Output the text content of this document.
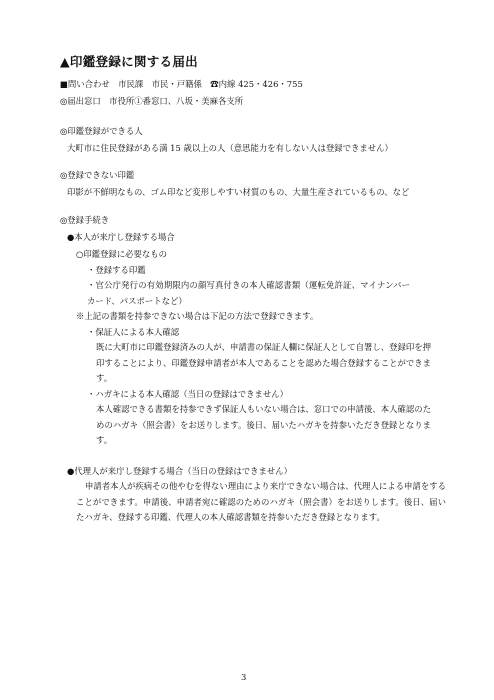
▲印鑑登録に関する届出
■問い合わせ　市民課　市民・戸籍係　☎内線 425・426・755
◎届出窓口　市役所①番窓口、八坂・美麻各支所
◎印鑑登録ができる人
大町市に住民登録がある満 15 歳以上の人（意思能力を有しない人は登録できません）
◎登録できない印鑑
印影が不鮮明なもの、ゴム印など変形しやすい材質のもの、大量生産されているもの、など
◎登録手続き
●本人が来庁し登録する場合
○印鑑登録に必要なもの
・登録する印鑑
・官公庁発行の有効期限内の顔写真付きの本人確認書類（運転免許証、マイナンバーカード、パスポートなど）
※上記の書類を持参できない場合は下記の方法で登録できます。
・保証人による本人確認
既に大町市に印鑑登録済みの人が、申請書の保証人欄に保証人として自署し、登録印を押印することにより、印鑑登録申請者が本人であることを認めた場合登録することができます。
・ハガキによる本人確認（当日の登録はできません）
本人確認できる書類を持参できず保証人もいない場合は、窓口での申請後、本人確認のためのハガキ（照会書）をお送りします。後日、届いたハガキを持参いただき登録となります。
●代理人が来庁し登録する場合（当日の登録はできません）
申請者本人が疾病その他やむを得ない理由により来庁できない場合は、代理人による申請をすることができます。申請後、申請者宛に確認のためのハガキ（照会書）をお送りします。後日、届いたハガキ、登録する印鑑、代理人の本人確認書類を持参いただき登録となります。
3
